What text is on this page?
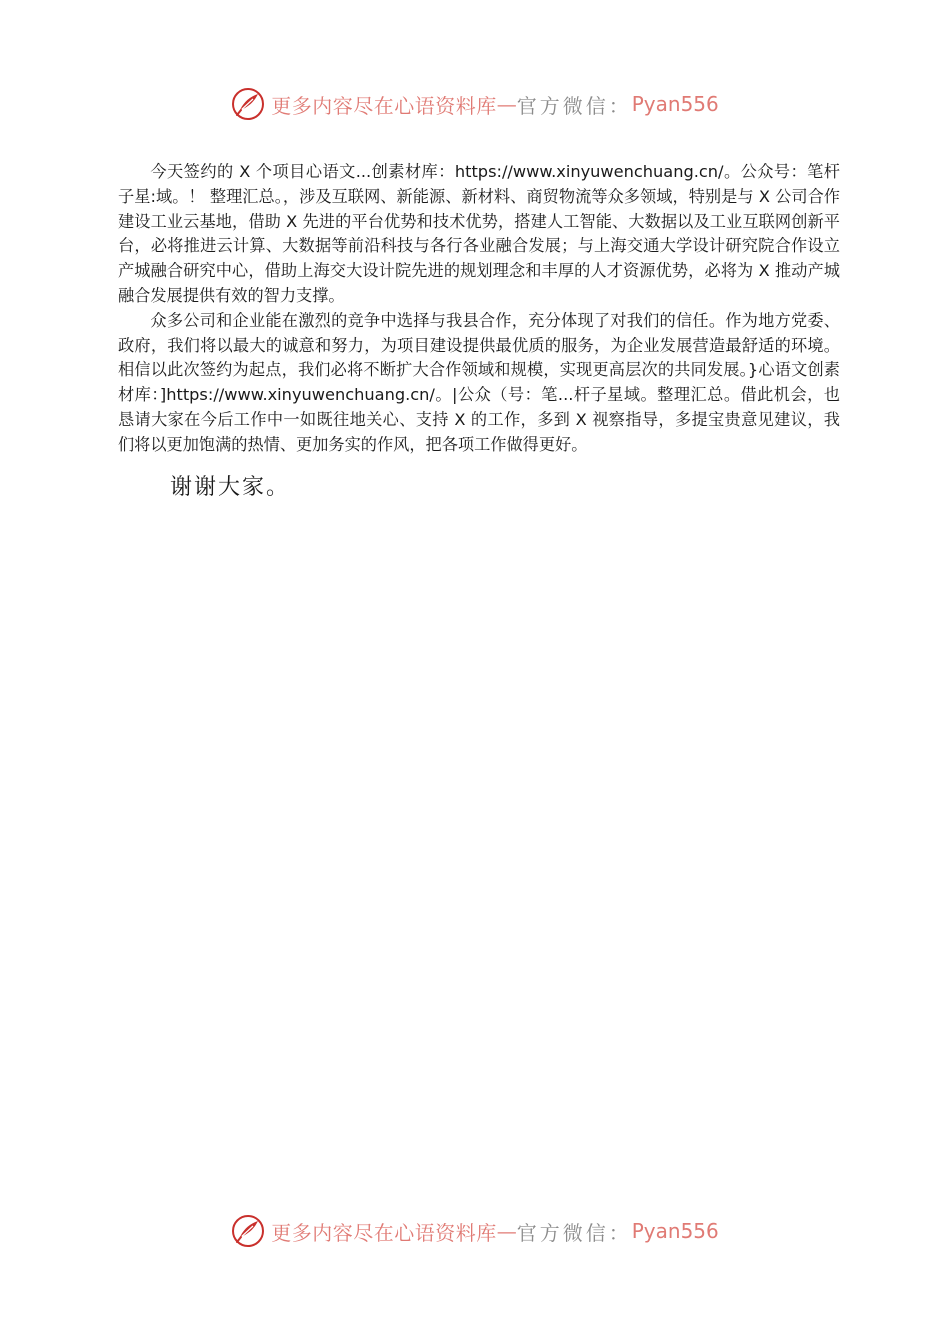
更多内容尽在心语资料库 — 官方微信： Pyan556

今天签约的 X 个项目心语文...创素材库：https://www.xinyuwenchuang.cn/。公众号：笔杆子星:域。！ 整理汇总。，涉及互联网、新能源、新材料、商贸物流等众多领域，特别是与 X 公司合作建设工业云基地，借助 X 先进的平台优势和技术优势，搭建人工智能、大数据以及工业互联网创新平台，必将推进云计算、大数据等前沿科技与各行各业融合发展；与上海交通大学设计研究院合作设立产城融合研究中心，借助上海交大设计院先进的规划理念和丰厚的人才资源优势，必将为 X 推动产城融合发展提供有效的智力支撑。

众多公司和企业能在激烈的竞争中选择与我县合作，充分体现了对我们的信任。作为地方党委、政府，我们将以最大的诚意和努力，为项目建设提供最优质的服务，为企业发展营造最舒适的环境。相信以此次签约为起点，我们必将不断扩大合作领域和规模，实现更高层次的共同发展。}心语文创素材库：]https://www.xinyuwenchuang.cn/。|公众（号：笔...杆子星域。整理汇总。借此机会，也恳请大家在今后工作中一如既往地关心、支持 X 的工作，多到 X 视察指导，多提宝贵意见建议，我们将以更加饱满的热情、更加务实的作风，把各项工作做得更好。

谢谢大家。
更多内容尽在心语资料库 — 官方微信： Pyan556
